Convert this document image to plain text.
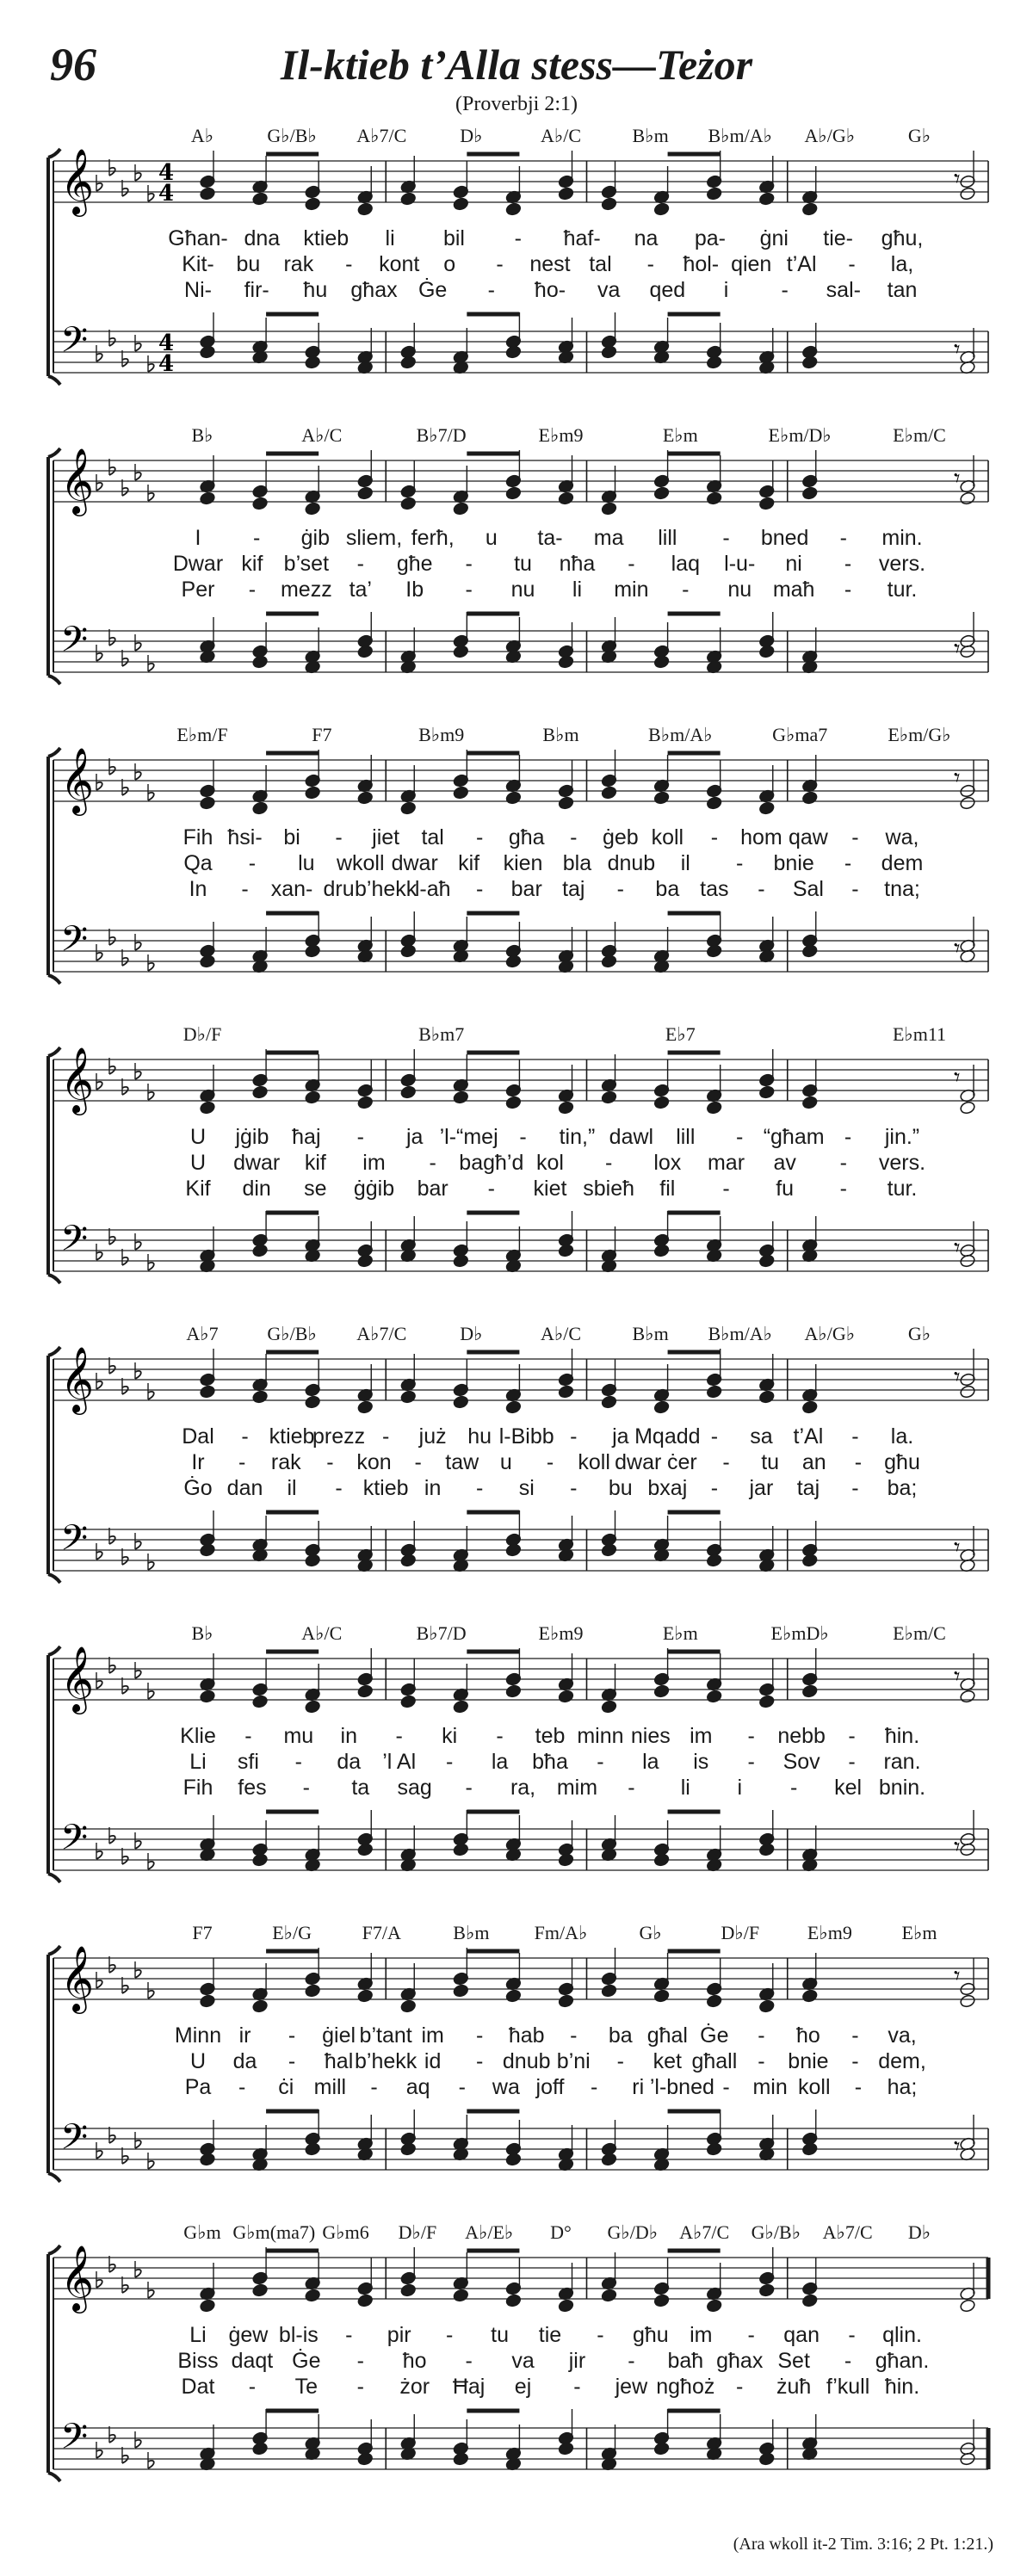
96	Il-ktieb t’Alla stess—Teżor
(Proverbji 2:1)
A♭	G♭/B♭ A♭7/C	D♭	A♭/C	B♭m B♭m/A♭ A♭/G♭	G♭
𝄞
𝄢
4
4
4
4
𝄾
𝄾
Għan- dna ktieb li bil - ħaf- na pa- ġni tie- għu,
Kit- bu rak - kont o - nest tal - ħol- qien t’Al - la,
Ni- fir- ħu għax Ġe - ħo- va qed i - sal- tan
B♭	A♭/C	B♭7/D	E♭m9	E♭m	E♭m/D♭	E♭m/C
𝄞
𝄢
𝄾
𝄾
I - ġib sliem, ferħ, u ta- ma lill - bned - min.
Dwar kif b’set - għe - tu nħa - laq l-u- ni - vers.
Per - mezz ta’ Ib - nu li min - nu maħ - tur.
E♭m/F	F7	B♭m9	B♭m	B♭m/A♭	G♭ma7	E♭m/G♭
𝄞
𝄢
𝄾
𝄾
Fih ħsi- bi - jiet tal - għa - ġeb koll - hom qaw - wa,
Qa - lu wkoll dwar kif kien bla dnub il - bnie - dem
In - xan- dru b’hekk
l-aħ - bar taj - ba tas - Sal - tna;
D♭/F	B♭m7	E♭7	E♭m11
𝄞
𝄢
𝄾
𝄾
U jġib ħaj - ja ’l-“mej - tin,” dawl lill - “għam - jin.”
U dwar kif im - bagħ’d kol - lox mar av - vers.
Kif din se ġġib bar - kiet sbieħ fil - fu - tur.
A♭7	G♭/B♭ A♭7/C	D♭	A♭/C	B♭m B♭m/A♭ A♭/G♭	G♭
𝄞
𝄢
𝄾
𝄾
Dal - ktieb
prezz - już hu l-Bibb - ja Mqadd - sa t’Al - la.
Ir - rak - kon - taw u - koll dwar ċer - tu an - għu
Ġo dan il - ktieb in - si - bu bxaj - jar taj - ba;
B♭	A♭/C	B♭7/D	E♭m9	E♭m	E♭mD♭	E♭m/C
𝄞
𝄢
𝄾
𝄾
Klie - mu in - ki - teb minn nies im - nebb - ħin.
Li sfi - da ’l Al - la bħa - la is - Sov - ran.
Fih fes - ta sag - ra, mim - li i - kel bnin.
F7	E♭/G	F7/A	B♭m Fm/A♭	G♭	D♭/F	E♭m9	E♭m
𝄞
𝄢
𝄾
𝄾
Minn ir - ġiel b’tant im - ħab - ba għal Ġe - ħo - va,
U da - ħal b’hekk id - dnub b’ni - ket għall - bnie - dem,
Pa - ċi mill - aq - wa joff - ri ’l-bned - min koll - ha;
G♭m G♭m(ma7) G♭m6 D♭/F A♭/E♭ D° G♭/D♭ A♭7/C G♭/B♭ A♭7/C D♭
𝄞
𝄢
Li ġew bl-is - pir - tu tie - għu im - qan - qlin.
Biss daqt Ġe - ħo - va jir - baħ għax Set - għan.
Dat - Te - żor Ħaj ej - jew ngħoż - żuħ f’kull ħin.
(Ara wkoll it-2 Tim. 3:16; 2 Pt. 1:21.)
